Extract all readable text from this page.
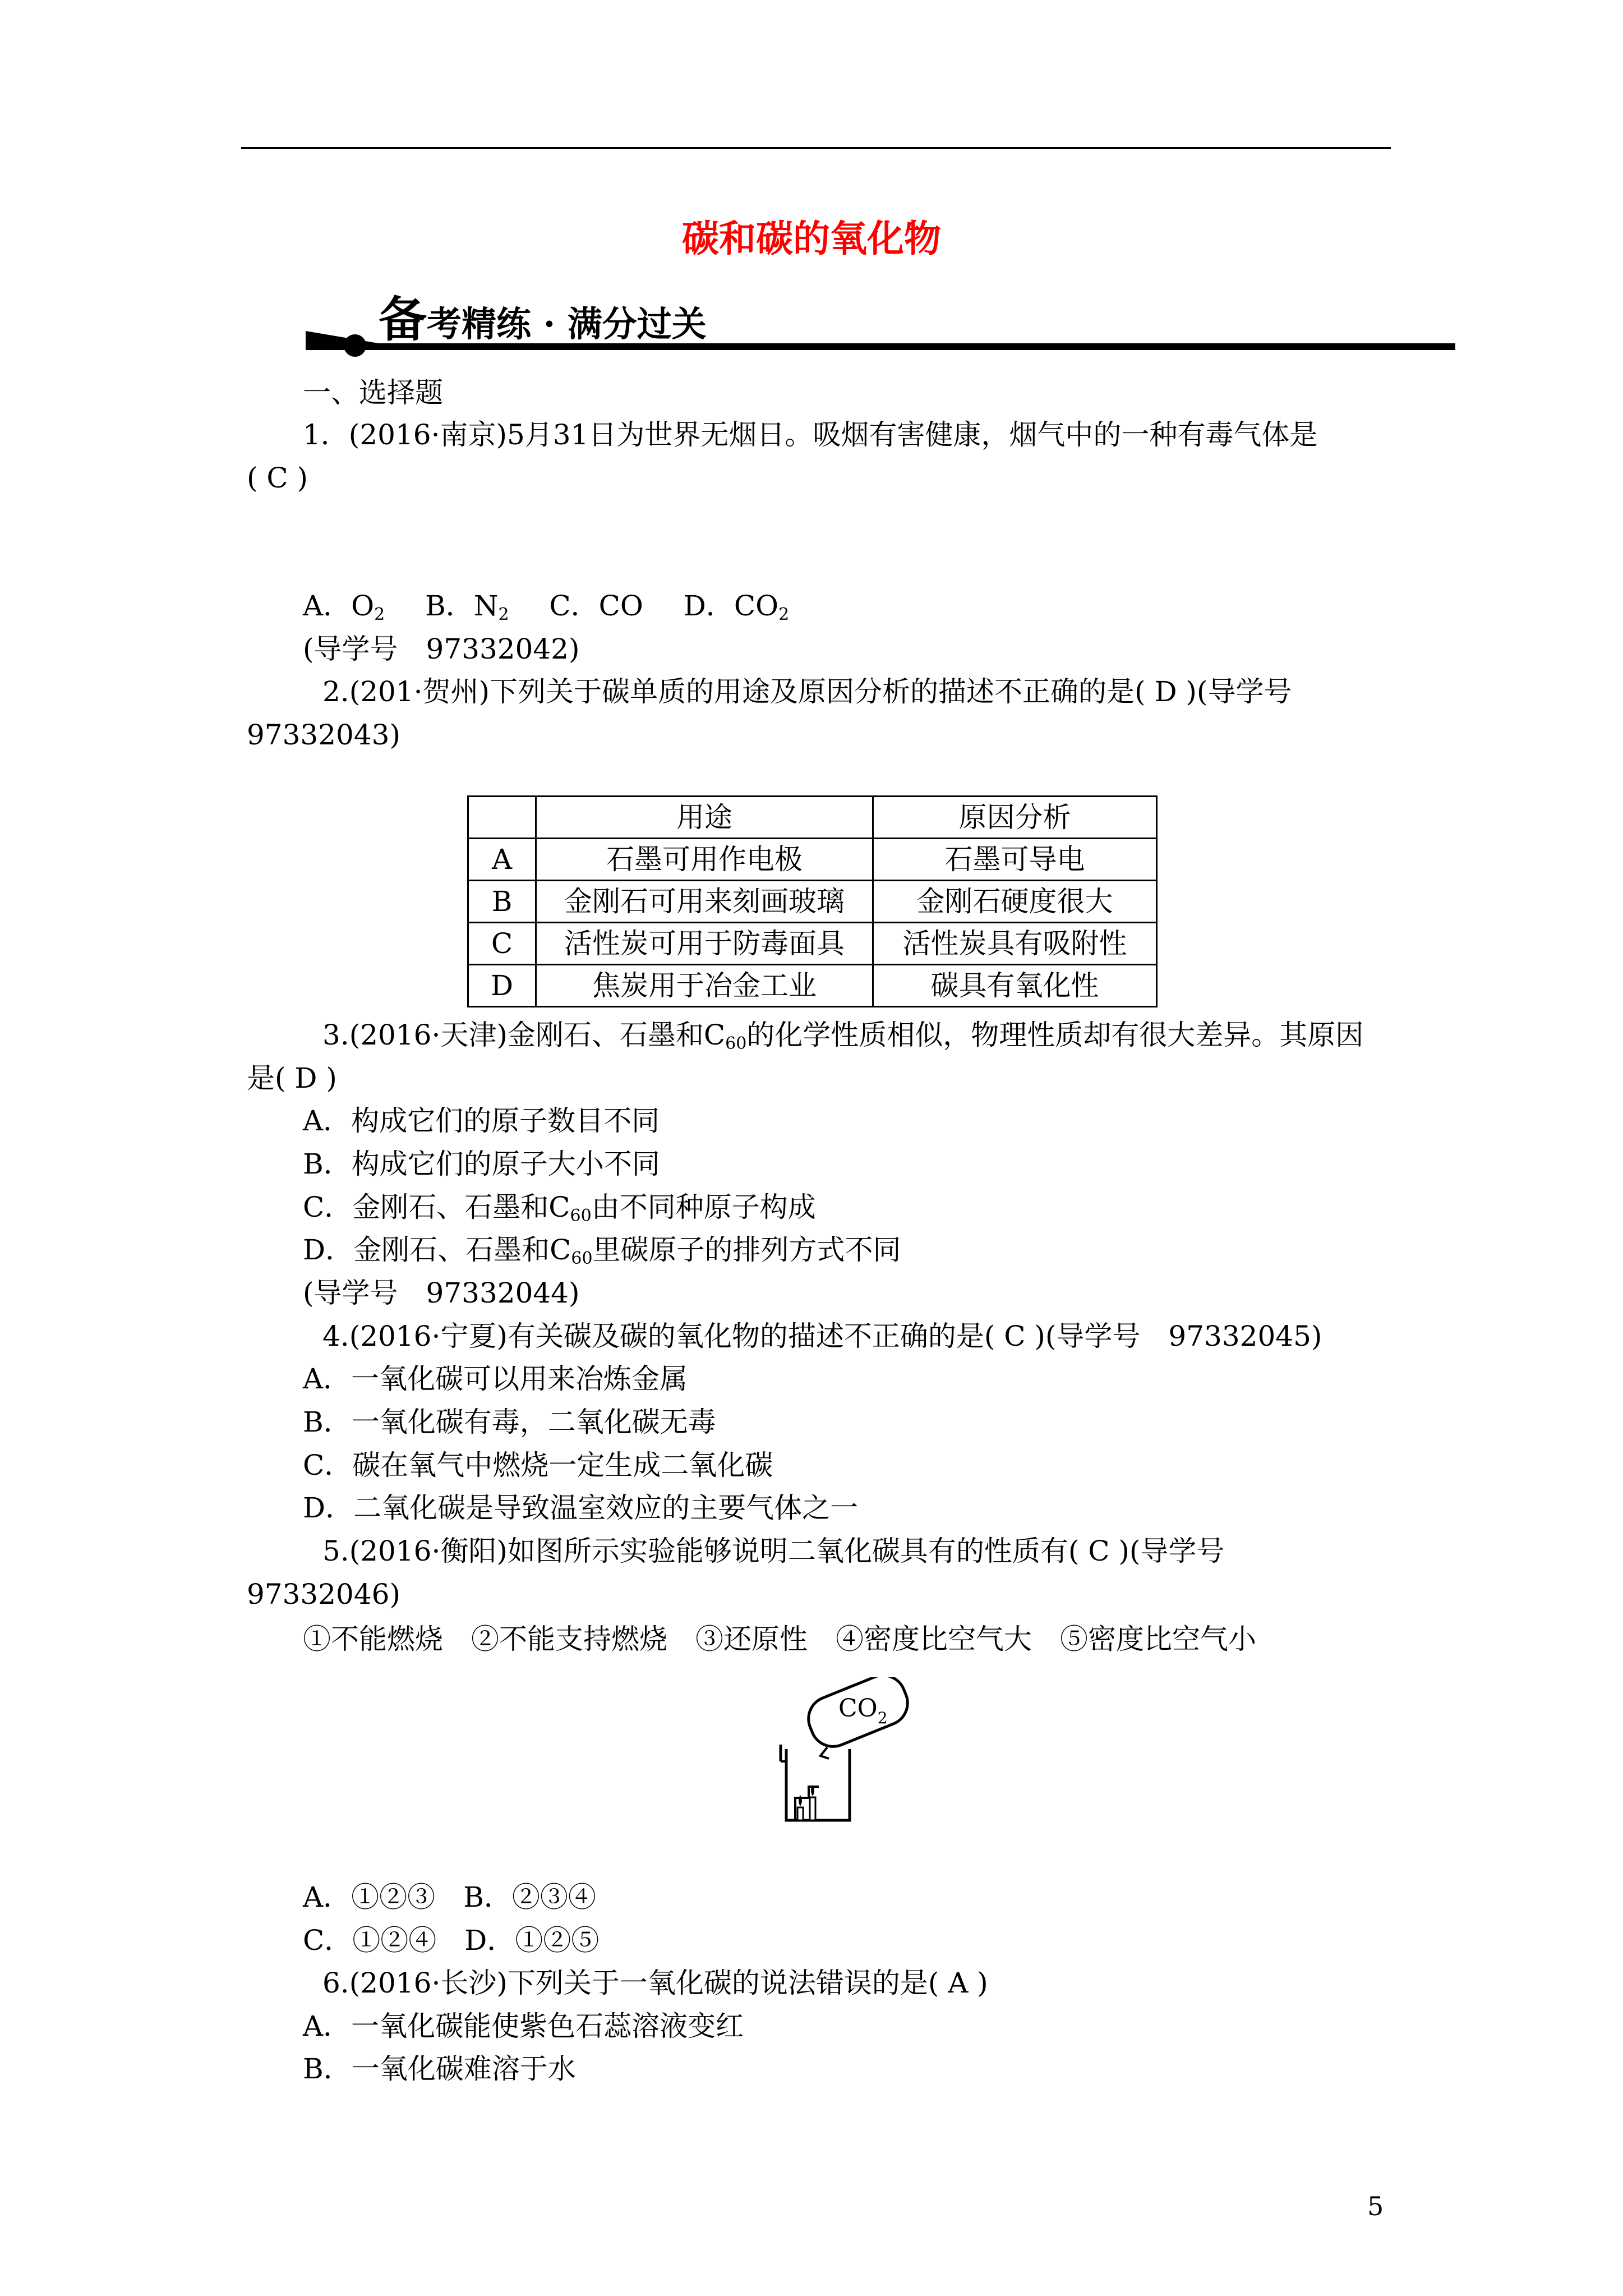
碳和碳的氧化物
备考精练 · 满分过关
一、选择题
1．(2016·南京)5月31日为世界无烟日。吸烟有害健康，烟气中的一种有毒气体是
( C )
A．$O_2$ B．$N_2$ C．CO D．$CO_2$
(导学号　97332042)
2.(201·贺州)下列关于碳单质的用途及原因分析的描述不正确的是( D )(导学号
97332043)
	用途	原因分析
A	石墨可用作电极	石墨可导电
B	金刚石可用来刻画玻璃	金刚石硬度很大
C	活性炭可用于防毒面具	活性炭具有吸附性
D	焦炭用于冶金工业	碳具有氧化性
3.(2016·天津)金刚石、石墨和$C_{60}$的化学性质相似，物理性质却有很大差异。其原因
是( D )
A．构成它们的原子数目不同
B．构成它们的原子大小不同
C．金刚石、石墨和$C_{60}$由不同种原子构成
D．金刚石、石墨和$C_{60}$里碳原子的排列方式不同
(导学号　97332044)
4.(2016·宁夏)有关碳及碳的氧化物的描述不正确的是( C )(导学号　97332045)
A．一氧化碳可以用来冶炼金属
B．一氧化碳有毒，二氧化碳无毒
C．碳在氧气中燃烧一定生成二氧化碳
D．二氧化碳是导致温室效应的主要气体之一
5.(2016·衡阳)如图所示实验能够说明二氧化碳具有的性质有( C )(导学号
97332046)
①不能燃烧　②不能支持燃烧　③还原性　④密度比空气大　⑤密度比空气小
$CO_2$
A．①②③　B．②③④
C．①②④　D．①②⑤
6.(2016·长沙)下列关于一氧化碳的说法错误的是( A )
A．一氧化碳能使紫色石蕊溶液变红
B．一氧化碳难溶于水
5
